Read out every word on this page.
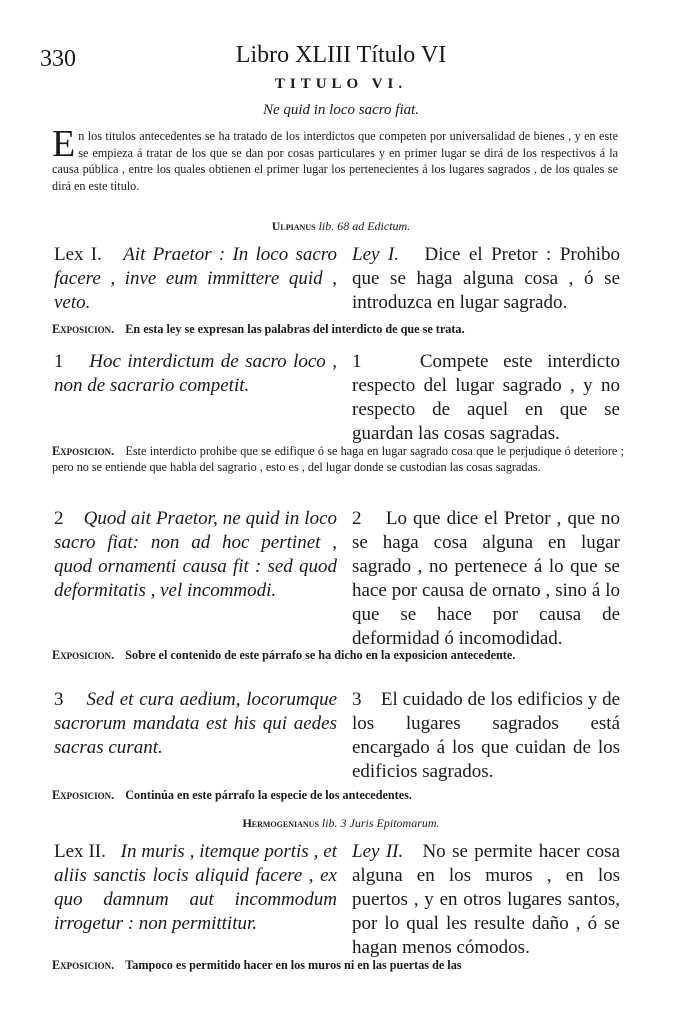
330	Libro XLIII Título VI
TITULO VI.
Ne quid in loco sacro fiat.
En los titulos antecedentes se ha tratado de los interdictos que competen por universalidad de bienes , y en este se empieza á tratar de los que se dan por cosas particulares y en primer lugar se dirá de los respectivos á la causa pública , entre los quales obtienen el primer lugar los pertenecientes á los lugares sagrados , de los quales se dirá en este titulo.
Ulpianus lib. 68 ad Edictum.
Lex I. Ait Praetor : In loco sacro facere , inve eum immittere quid , veto.
Ley I. Dice el Pretor : Prohibo que se haga alguna cosa , ó se introduzca en lugar sagrado.
Exposicion. En esta ley se expresan las palabras del interdicto de que se trata.
1 Hoc interdictum de sacro loco , non de sacrario competit.
1	Compete este interdicto respecto del lugar sagrado , y no respecto de aquel en que se guardan las cosas sagradas.
Exposicion. Este interdicto prohibe que se edifique ó se haga en lugar sagrado cosa que le perjudique ó deteriore ; pero no se entiende que habla del sagrario , esto es , del lugar donde se custodian las cosas sagradas.
2 Quod ait Praetor, ne quid in loco sacro fiat: non ad hoc pertinet , quod ornamenti causa fit : sed quod deformitatis , vel incommodi.
2 Lo que dice el Pretor , que no se haga cosa alguna en lugar sagrado , no pertenece á lo que se hace por causa de ornato , sino á lo que se hace por causa de deformidad ó incomodidad.
Exposicion. Sobre el contenido de este párrafo se ha dicho en la exposicion antecedente.
3 Sed et cura aedium, locorumque sacrorum mandata est his qui aedes sacras curant.
3 El cuidado de los edificios y de los lugares sagrados está encargado á los que cuidan de los edificios sagrados.
Exposicion. Continúa en este párrafo la especie de los antecedentes.
Hermogenianus lib. 3 Juris Epitomarum.
Lex II. In muris , itemque portis , et aliis sanctis locis aliquid facere , ex quo damnum aut incommodum irrogetur : non permittitur.
Ley II. No se permite hacer cosa alguna en los muros , en los puertos , y en otros lugares santos, por lo qual les resulte daño , ó se hagan menos cómodos.
Exposicion. Tampoco es permitido hacer en los muros ni en las puertas de las
